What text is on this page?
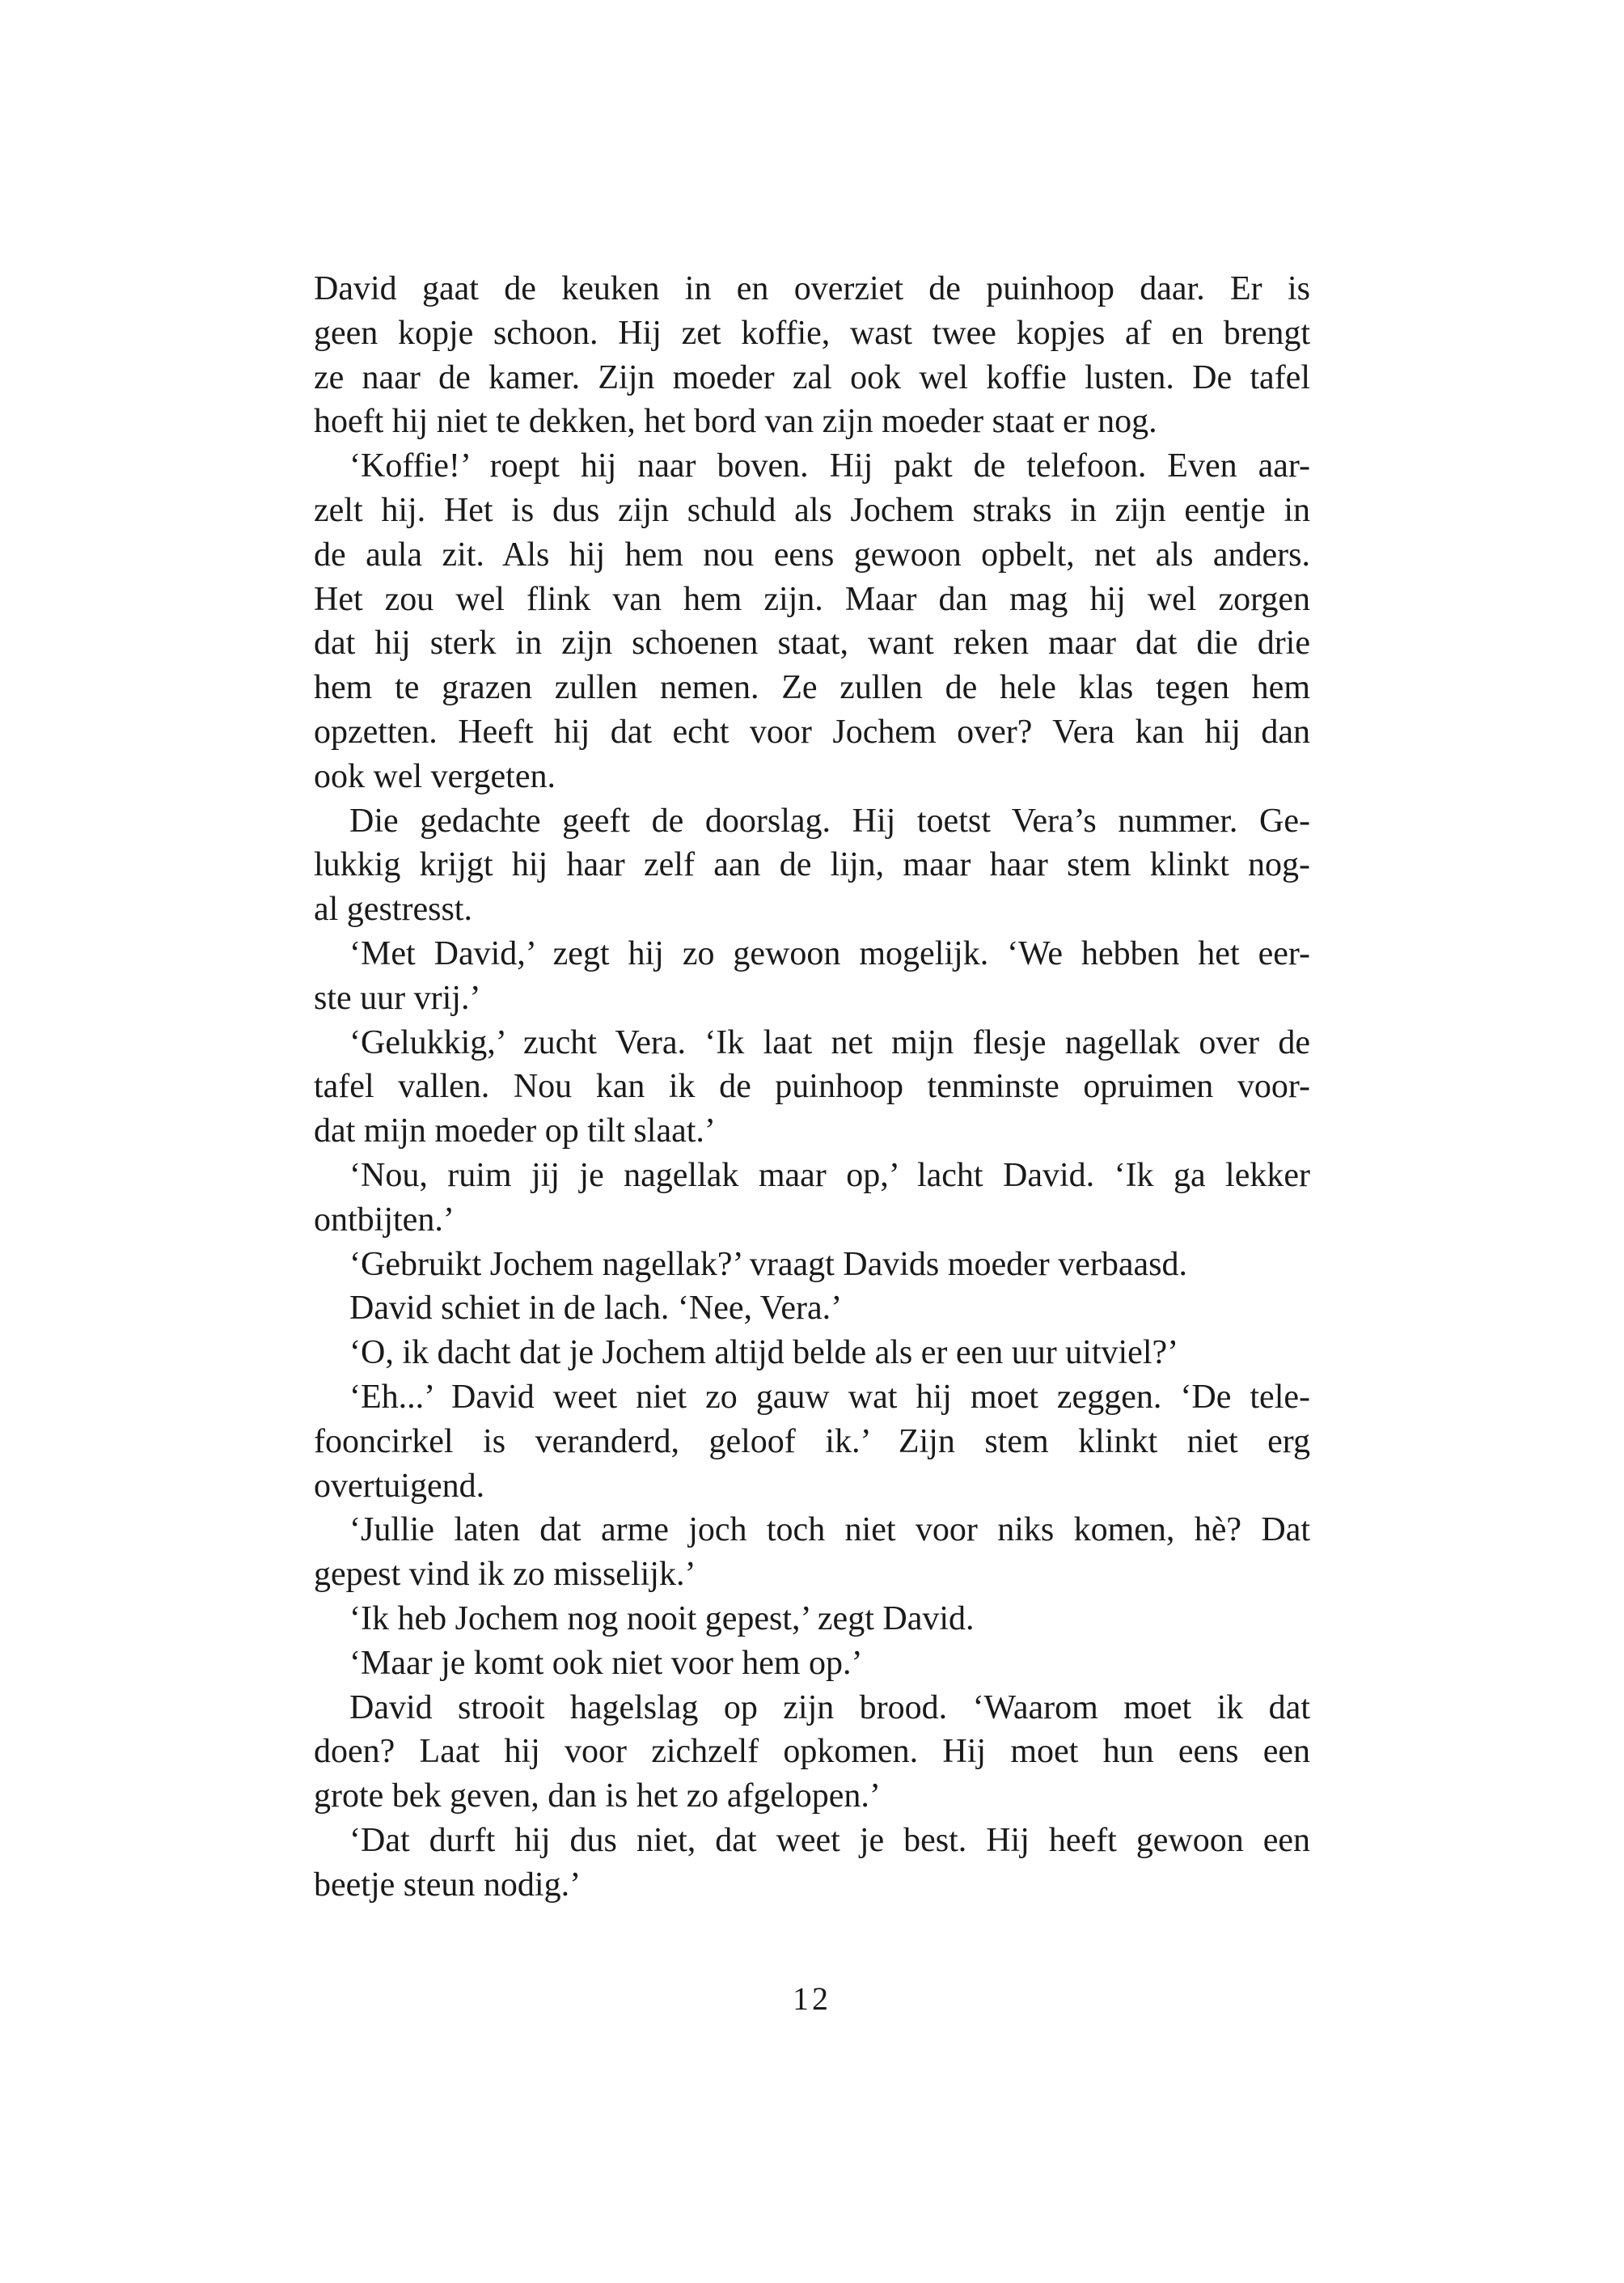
David gaat de keuken in en overziet de puinhoop daar. Er is
geen kopje schoon. Hij zet koffie, wast twee kopjes af en brengt
ze naar de kamer. Zijn moeder zal ook wel koffie lusten. De tafel
hoeft hij niet te dekken, het bord van zijn moeder staat er nog.
‘Koffie!’ roept hij naar boven. Hij pakt de telefoon. Even aar-
zelt hij. Het is dus zijn schuld als Jochem straks in zijn eentje in
de aula zit. Als hij hem nou eens gewoon opbelt, net als anders.
Het zou wel flink van hem zijn. Maar dan mag hij wel zorgen
dat hij sterk in zijn schoenen staat, want reken maar dat die drie
hem te grazen zullen nemen. Ze zullen de hele klas tegen hem
opzetten. Heeft hij dat echt voor Jochem over? Vera kan hij dan
ook wel vergeten.
Die gedachte geeft de doorslag. Hij toetst Vera’s nummer. Ge-
lukkig krijgt hij haar zelf aan de lijn, maar haar stem klinkt nog-
al gestresst.
‘Met David,’ zegt hij zo gewoon mogelijk. ‘We hebben het eer-
ste uur vrij.’
‘Gelukkig,’ zucht Vera. ‘Ik laat net mijn flesje nagellak over de
tafel vallen. Nou kan ik de puinhoop tenminste opruimen voor-
dat mijn moeder op tilt slaat.’
‘Nou, ruim jij je nagellak maar op,’ lacht David. ‘Ik ga lekker
ontbijten.’
‘Gebruikt Jochem nagellak?’ vraagt Davids moeder verbaasd.
David schiet in de lach. ‘Nee, Vera.’
‘O, ik dacht dat je Jochem altijd belde als er een uur uitviel?’
‘Eh...’ David weet niet zo gauw wat hij moet zeggen. ‘De tele-
fooncirkel is veranderd, geloof ik.’ Zijn stem klinkt niet erg
overtuigend.
‘Jullie laten dat arme joch toch niet voor niks komen, hè? Dat
gepest vind ik zo misselijk.’
‘Ik heb Jochem nog nooit gepest,’ zegt David.
‘Maar je komt ook niet voor hem op.’
David strooit hagelslag op zijn brood. ‘Waarom moet ik dat
doen? Laat hij voor zichzelf opkomen. Hij moet hun eens een
grote bek geven, dan is het zo afgelopen.’
‘Dat durft hij dus niet, dat weet je best. Hij heeft gewoon een
beetje steun nodig.’
12
